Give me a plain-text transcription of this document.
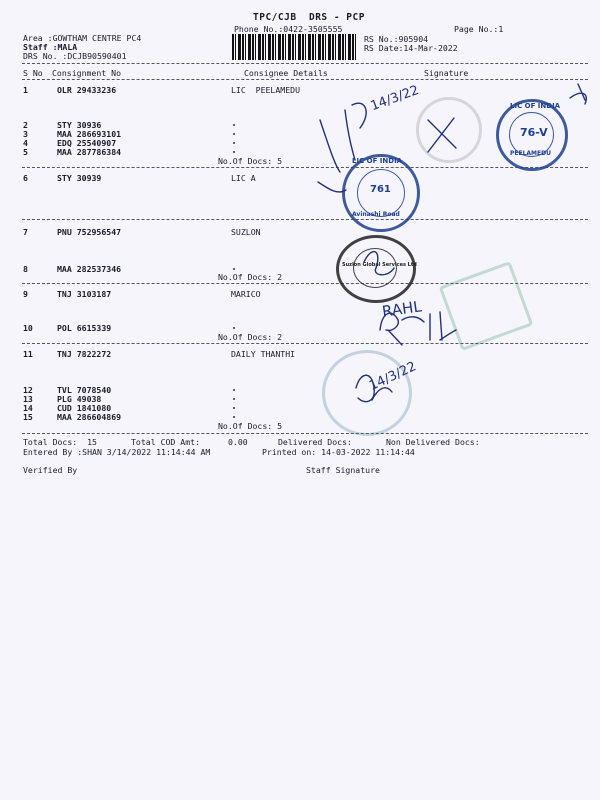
TPC/CJB  DRS - PCP
Phone No.:0422-3505555	Page No.:1
Area :GOWTHAM CENTRE PC4
Staff :MALA
DRS No. :DCJB90590401
RS No.:905904
RS Date:14-Mar-2022
S No Consignment No	Consignee Details	Signature
1	OLR 29433236	LIC  PEELAMEDU
2	STY 30936
3	MAA 286693101
4	EDQ 25540907
5	MAA 287786384
No.Of Docs: 5
6	STY 30939	LIC A
7	PNU 752956547	SUZLON
8	MAA 282537346
No.Of Docs: 2
9	TNJ 3103187	MARICO
10	POL 6615339
No.Of Docs: 2
11	TNJ 7822272	DAILY THANTHI
12	TVL 7078540
13	PLG 49038
14	CUD 1841080
15	MAA 286604869
No.Of Docs: 5
Total Docs:  15	Total COD Amt:	0.00	Delivered Docs:	Non Delivered Docs:
Entered By :SHAN 3/14/2022 11:14:44 AM	Printed on: 14-03-2022 11:14:44
Verified By	Staff Signature
LIC OF INDIA
76-V
PEELAMEDU
LIC OF INDIA
761
Avinashi Road
Suzlon Global Services Ltd
14/3/22
14/3/22
RAHL
